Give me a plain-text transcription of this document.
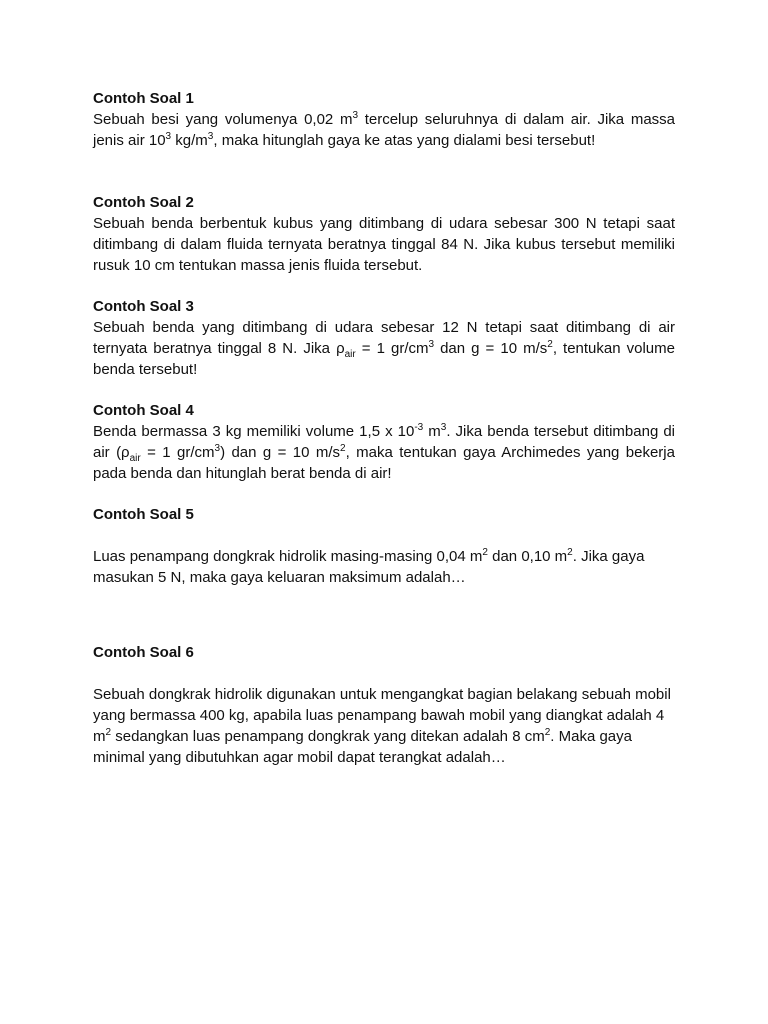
Contoh Soal 1

Sebuah besi yang volumenya 0,02 $m^3$ tercelup seluruhnya di dalam air. Jika massa jenis air $10^3$ $kg/m^3$, maka hitunglah gaya ke atas yang dialami besi tersebut!

Contoh Soal 2

Sebuah benda berbentuk kubus yang ditimbang di udara sebesar 300 N tetapi saat ditimbang di dalam fluida ternyata beratnya tinggal 84 N. Jika kubus tersebut memiliki rusuk 10 cm tentukan massa jenis fluida tersebut.

Contoh Soal 3

Sebuah benda yang ditimbang di udara sebesar 12 N tetapi saat ditimbang di air ternyata beratnya tinggal 8 N. Jika $\rho_{air} = 1$ $gr/cm^3$ dan g = 10 $m/s^2$, tentukan volume benda tersebut!

Contoh Soal 4

Benda bermassa 3 kg memiliki volume 1,5 x $10^{-3}$ $m^3$. Jika benda tersebut ditimbang di air ($\rho_{air} = 1$ $gr/cm^3$) dan g = 10 $m/s^2$, maka tentukan gaya Archimedes yang bekerja pada benda dan hitunglah berat benda di air!

Contoh Soal 5

Luas penampang dongkrak hidrolik masing-masing 0,04 $m^2$ dan 0,10 $m^2$. Jika gaya masukan 5 N, maka gaya keluaran maksimum adalah…

Contoh Soal 6

Sebuah dongkrak hidrolik digunakan untuk mengangkat bagian belakang sebuah mobil yang bermassa 400 kg, apabila luas penampang bawah mobil yang diangkat adalah 4 $m^2$ sedangkan luas penampang dongkrak yang ditekan adalah 8 $cm^2$. Maka gaya minimal yang dibutuhkan agar mobil dapat terangkat adalah…
